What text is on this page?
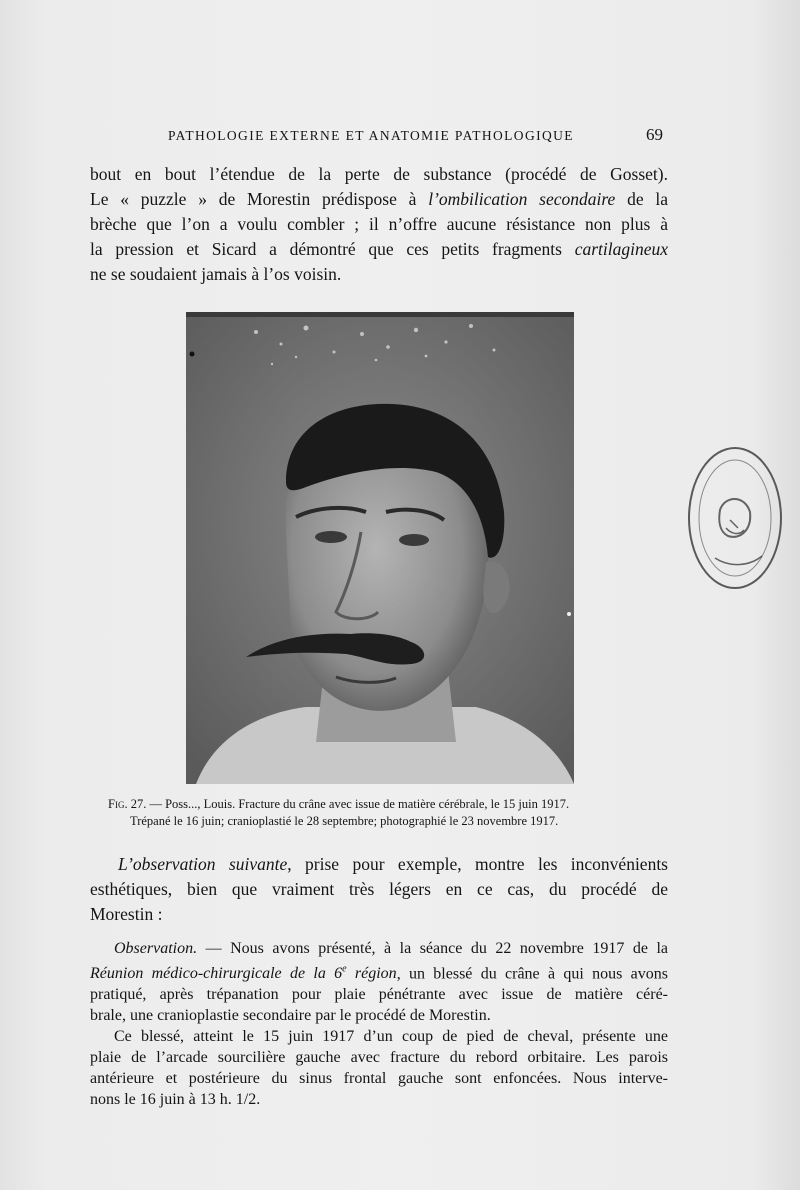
PATHOLOGIE EXTERNE ET ANATOMIE PATHOLOGIQUE	69
bout en bout l’étendue de la perte de substance (procédé de Gosset).
Le « puzzle » de Morestin prédispose à l’ombilication secondaire de la
brèche que l’on a voulu combler ; il n’offre aucune résistance non plus à
la pression et Sicard a démontré que ces petits fragments cartilagineux
ne se soudaient jamais à l’os voisin.
Fig. 27. — Poss..., Louis. Fracture du crâne avec issue de matière cérébrale, le 15 juin 1917.
Trépané le 16 juin; cranioplastié le 28 septembre; photographié le 23 novembre 1917.
L’observation suivante, prise pour exemple, montre les inconvénients
esthétiques, bien que vraiment très légers en ce cas, du procédé de
Morestin :
Observation. — Nous avons présenté, à la séance du 22 novembre 1917 de la
Réunion médico-chirurgicale de la 6e région, un blessé du crâne à qui nous avons
pratiqué, après trépanation pour plaie pénétrante avec issue de matière céré-
brale, une cranioplastie secondaire par le procédé de Morestin.
Ce blessé, atteint le 15 juin 1917 d’un coup de pied de cheval, présente une
plaie de l’arcade sourcilière gauche avec fracture du rebord orbitaire. Les parois
antérieure et postérieure du sinus frontal gauche sont enfoncées. Nous interve-
nons le 16 juin à 13 h. 1/2.
